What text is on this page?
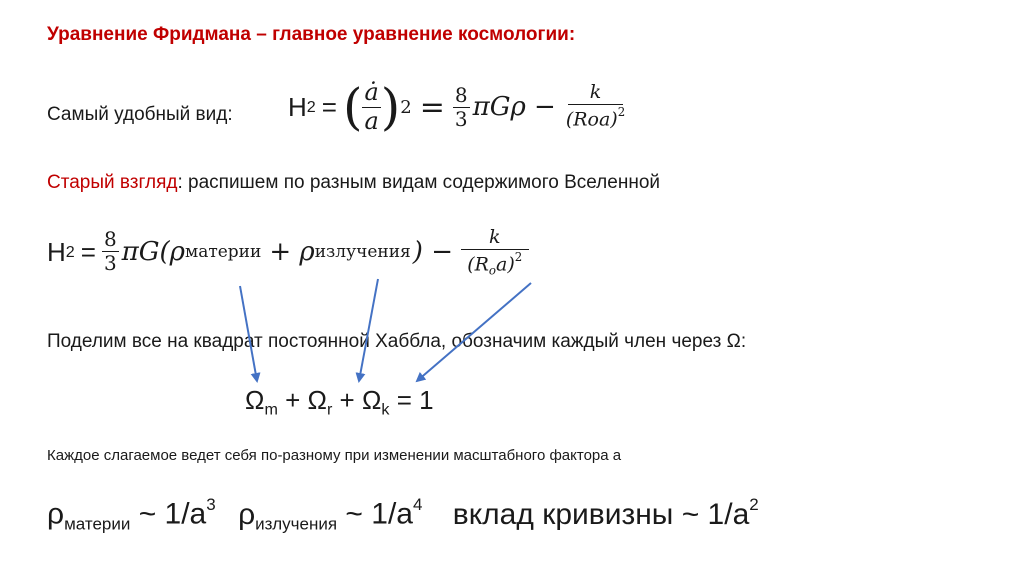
Уравнение Фридмана – главное уравнение космологии:
Самый удобный вид: H 2 = ( $\frac{ȧ}{a}$ ) $2 = \frac{8}{3}$ $\pi G\rho - \frac{k}{(Roa)^2}$
Старый взгляд: распишем по разным видам содержимого Вселенной
H $2 = \frac{8}{3} \pi G(\rho$ материи + ρ излучения ) − $\frac{k}{(R_oa)^2}$
Поделим все на квадрат постоянной Хаббла, обозначим каждый член через Ω:
$\Omega_m + \Omega_r + \Omega_k = 1$
Каждое слагаемое ведет себя по-разному при изменении масштабного фактора а
$\rho_{материи}$ ~ $1/a^3$ $\rho_{излучения}$ ~ $1/a^4$ вклад кривизны ~ $1/a^2$
